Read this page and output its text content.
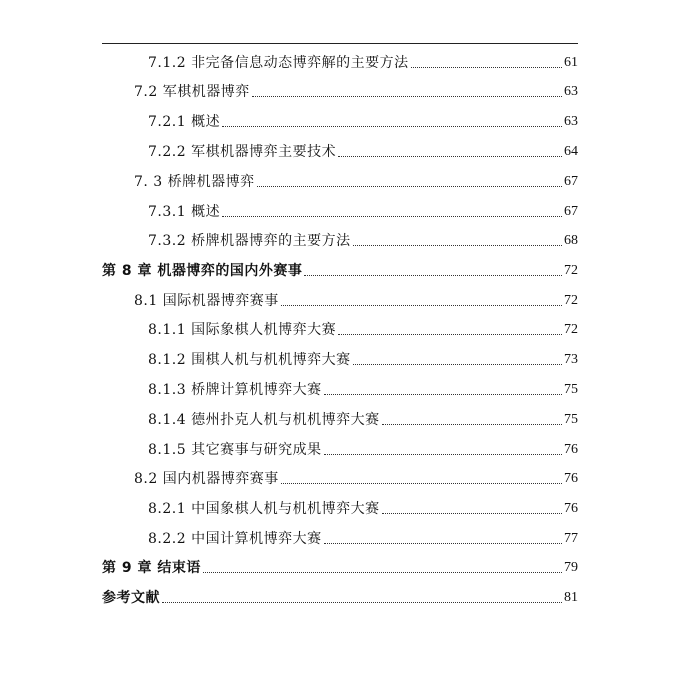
7.1.2 非完备信息动态博弈解的主要方法	61
7.2 军棋机器博弈	63
7.2.1 概述	63
7.2.2 军棋机器博弈主要技术	64
7. 3 桥牌机器博弈	67
7.3.1 概述	67
7.3.2 桥牌机器博弈的主要方法	68
第 8 章 机器博弈的国内外赛事	72
8.1 国际机器博弈赛事	72
8.1.1 国际象棋人机博弈大赛	72
8.1.2 围棋人机与机机博弈大赛	73
8.1.3 桥牌计算机博弈大赛	75
8.1.4 德州扑克人机与机机博弈大赛	75
8.1.5 其它赛事与研究成果	76
8.2 国内机器博弈赛事	76
8.2.1 中国象棋人机与机机博弈大赛	76
8.2.2 中国计算机博弈大赛	77
第 9 章 结束语	79
参考文献	81
